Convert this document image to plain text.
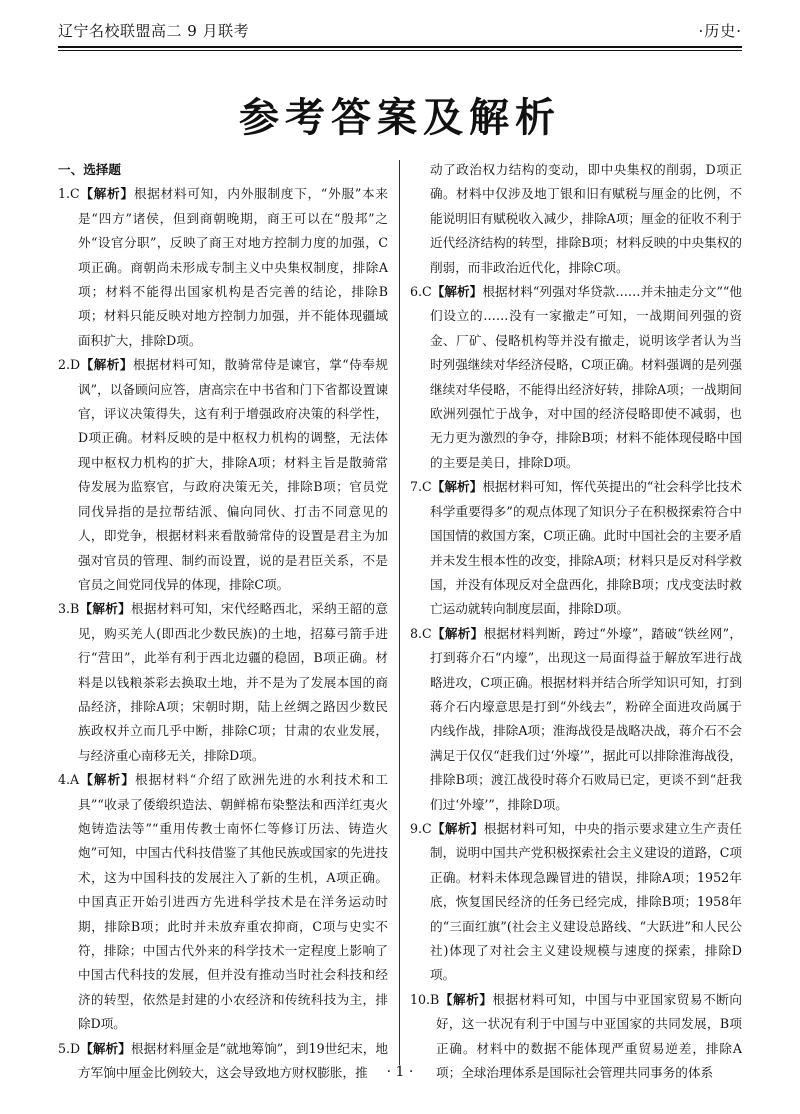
辽宁名校联盟高二 9 月联考	·历史·
参考答案及解析
一、选择题

1.C【解析】根据材料可知，内外服制度下，“外服”本来是“四方”诸侯，但到商朝晚期，商王可以在“殷邦”之外“设官分职”，反映了商王对地方控制力度的加强，C项正确。商朝尚未形成专制主义中央集权制度，排除A项；材料不能得出国家机构是否完善的结论，排除B项；材料只能反映对地方控制力加强，并不能体现疆域面积扩大，排除D项。

2.D【解析】根据材料可知，散骑常侍是谏官，掌“侍奉规讽”，以备顾问应答，唐高宗在中书省和门下省都设置谏官，评议决策得失，这有利于增强政府决策的科学性，D项正确。材料反映的是中枢权力机构的调整，无法体现中枢权力机构的扩大，排除A项；材料主旨是散骑常侍发展为监察官，与政府决策无关，排除B项；官员党同伐异指的是拉帮结派、偏向同伙、打击不同意见的人，即党争，根据材料来看散骑常侍的设置是君主为加强对官员的管理、制约而设置，说的是君臣关系，不是官员之间党同伐异的体现，排除C项。

3.B【解析】根据材料可知，宋代经略西北，采纳王韶的意见，购买羌人(即西北少数民族)的土地，招募弓箭手进行“营田”，此举有利于西北边疆的稳固，B项正确。材料是以钱粮茶彩去换取土地，并不是为了发展本国的商品经济，排除A项；宋朝时期，陆上丝绸之路因少数民族政权并立而几乎中断，排除C项；甘肃的农业发展，与经济重心南移无关，排除D项。

4.A【解析】根据材料“介绍了欧洲先进的水利技术和工具”“收录了倭缎织造法、朝鲜棉布染整法和西洋红夷火炮铸造法等”“重用传教士南怀仁等修订历法、铸造火炮”可知，中国古代科技借鉴了其他民族或国家的先进技术，这为中国科技的发展注入了新的生机，A项正确。中国真正开始引进西方先进科学技术是在洋务运动时期，排除B项；此时并未放弃重农抑商，C项与史实不符，排除；中国古代外来的科学技术一定程度上影响了中国古代科技的发展，但并没有推动当时社会科技和经济的转型，依然是封建的小农经济和传统科技为主，排除D项。

5.D【解析】根据材料厘金是“就地筹饷”，到19世纪末，地方军饷中厘金比例较大，这会导致地方财权膨胀，推

动了政治权力结构的变动，即中央集权的削弱，D项正确。材料中仅涉及地丁银和旧有赋税与厘金的比例，不能说明旧有赋税收入减少，排除A项；厘金的征收不利于近代经济结构的转型，排除B项；材料反映的中央集权的削弱，而非政治近代化，排除C项。

6.C【解析】根据材料“列强对华贷款……并未抽走分文”“他们设立的……没有一家撤走”可知，一战期间列强的资金、厂矿、侵略机构等并没有撤走，说明该学者认为当时列强继续对华经济侵略，C项正确。材料强调的是列强继续对华侵略，不能得出经济好转，排除A项；一战期间欧洲列强忙于战争，对中国的经济侵略即使不减弱，也无力更为激烈的争夺，排除B项；材料不能体现侵略中国的主要是美日，排除D项。

7.C【解析】根据材料可知，恽代英提出的“社会科学比技术科学重要得多”的观点体现了知识分子在积极探索符合中国国情的救国方案，C项正确。此时中国社会的主要矛盾并未发生根本性的改变，排除A项；材料只是反对科学救国，并没有体现反对全盘西化，排除B项；戊戌变法时救亡运动就转向制度层面，排除D项。

8.C【解析】根据材料判断，跨过“外壕”，踏破“铁丝网”，打到蒋介石“内壕”，出现这一局面得益于解放军进行战略进攻，C项正确。根据材料并结合所学知识可知，打到蒋介石内壕意思是打到“外线去”，粉碎全面进攻尚属于内线作战，排除A项；淮海战役是战略决战，蒋介石不会满足于仅仅“赶我们过‘外壕’”，据此可以排除淮海战役，排除B项；渡江战役时蒋介石败局已定，更谈不到“赶我们过‘外壕’”，排除D项。

9.C【解析】根据材料可知，中央的指示要求建立生产责任制，说明中国共产党积极探索社会主义建设的道路，C项正确。材料未体现急躁冒进的错误，排除A项；1952年底，恢复国民经济的任务已经完成，排除B项；1958年的“三面红旗”(社会主义建设总路线、“大跃进”和人民公社)体现了对社会主义建设规模与速度的探索，排除D项。

10.B【解析】根据材料可知，中国与中亚国家贸易不断向好，这一状况有利于中国与中亚国家的共同发展，B项正确。材料中的数据不能体现严重贸易逆差，排除A项；全球治理体系是国际社会管理共同事务的体系

· 1 ·
